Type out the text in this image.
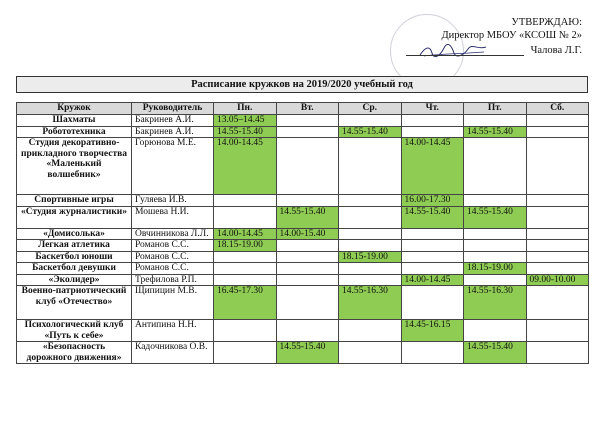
УТВЕРЖДАЮ:
Директор МБОУ «КСОШ № 2»
Чалова Л.Г.
Расписание кружков на 2019/2020 учебный год
Кружок	Руководитель	Пн.	Вт.	Ср.	Чт.	Пт.	Сб.
Шахматы	Бакринев А.И.	13.05–14.45					
Робототехника	Бакринев А.И.	14.55-15.40		14.55-15.40		14.55-15.40	
Студия декоративно-прикладного творчества «Маленький волшебник»	Горюнова М.Е.	14.00-14.45			14.00-14.45		
Спортивные игры	Гуляева И.В.				16.00-17.30		
«Студия журналистики»	Мошева Н.И.		14.55-15.40		14.55-15.40	14.55-15.40	
«Домисолька»	Овчинникова Л.Л.	14.00-14.45	14.00-15.40				
Легкая атлетика	Романов С.С.	18.15-19.00					
Баскетбол юноши	Романов С.С.			18.15-19.00			
Баскетбол девушки	Романов С.С.					18.15-19.00	
«Эколидер»	Трефилова Р.П.				14.00-14.45		09.00-10.00
Военно-патриотический клуб «Отечество»	Щипицин М.В.	16.45-17.30		14.55-16.30		14.55-16.30	
Психологический клуб «Путь к себе»	Антипина Н.Н.				14.45-16.15		
«Безопасность дорожного движения»	Кадочникова О.В.		14.55-15.40			14.55-15.40	
